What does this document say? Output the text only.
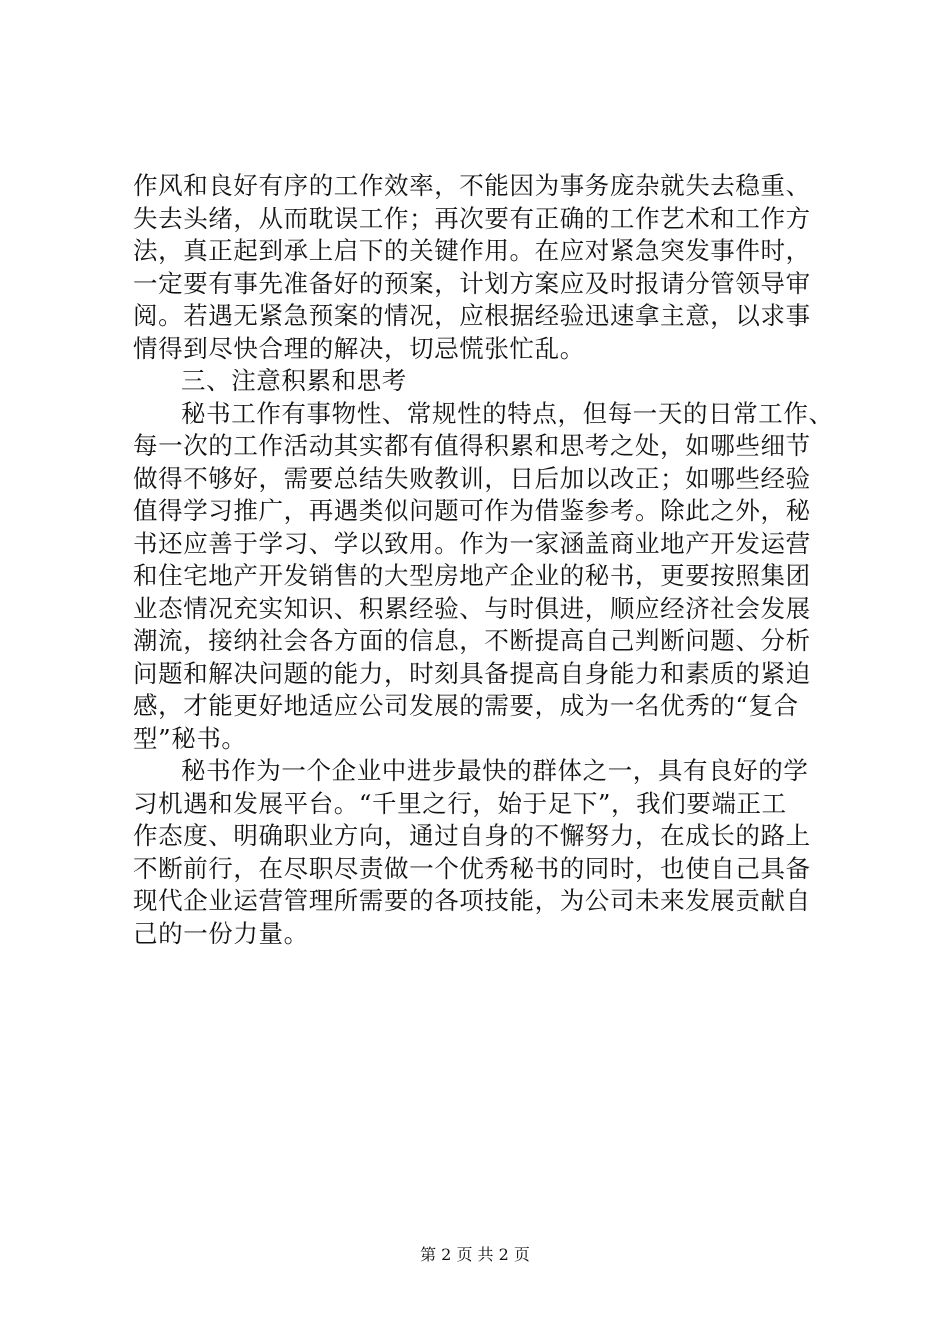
作风和良好有序的工作效率，不能因为事务庞杂就失去稳重、
失去头绪，从而耽误工作；再次要有正确的工作艺术和工作方
法，真正起到承上启下的关键作用。在应对紧急突发事件时，
一定要有事先准备好的预案，计划方案应及时报请分管领导审
阅。若遇无紧急预案的情况，应根据经验迅速拿主意，以求事
情得到尽快合理的解决，切忌慌张忙乱。
三、注意积累和思考
秘书工作有事物性、常规性的特点，但每一天的日常工作、
每一次的工作活动其实都有值得积累和思考之处，如哪些细节
做得不够好，需要总结失败教训，日后加以改正；如哪些经验
值得学习推广，再遇类似问题可作为借鉴参考。除此之外，秘
书还应善于学习、学以致用。作为一家涵盖商业地产开发运营
和住宅地产开发销售的大型房地产企业的秘书，更要按照集团
业态情况充实知识、积累经验、与时俱进，顺应经济社会发展
潮流，接纳社会各方面的信息，不断提高自己判断问题、分析
问题和解决问题的能力，时刻具备提高自身能力和素质的紧迫
感，才能更好地适应公司发展的需要，成为一名优秀的“复合
型”秘书。
秘书作为一个企业中进步最快的群体之一，具有良好的学
习机遇和发展平台。“千里之行，始于足下”，我们要端正工
作态度、明确职业方向，通过自身的不懈努力，在成长的路上
不断前行，在尽职尽责做一个优秀秘书的同时，也使自己具备
现代企业运营管理所需要的各项技能，为公司未来发展贡献自
己的一份力量。
第 2 页 共 2 页
